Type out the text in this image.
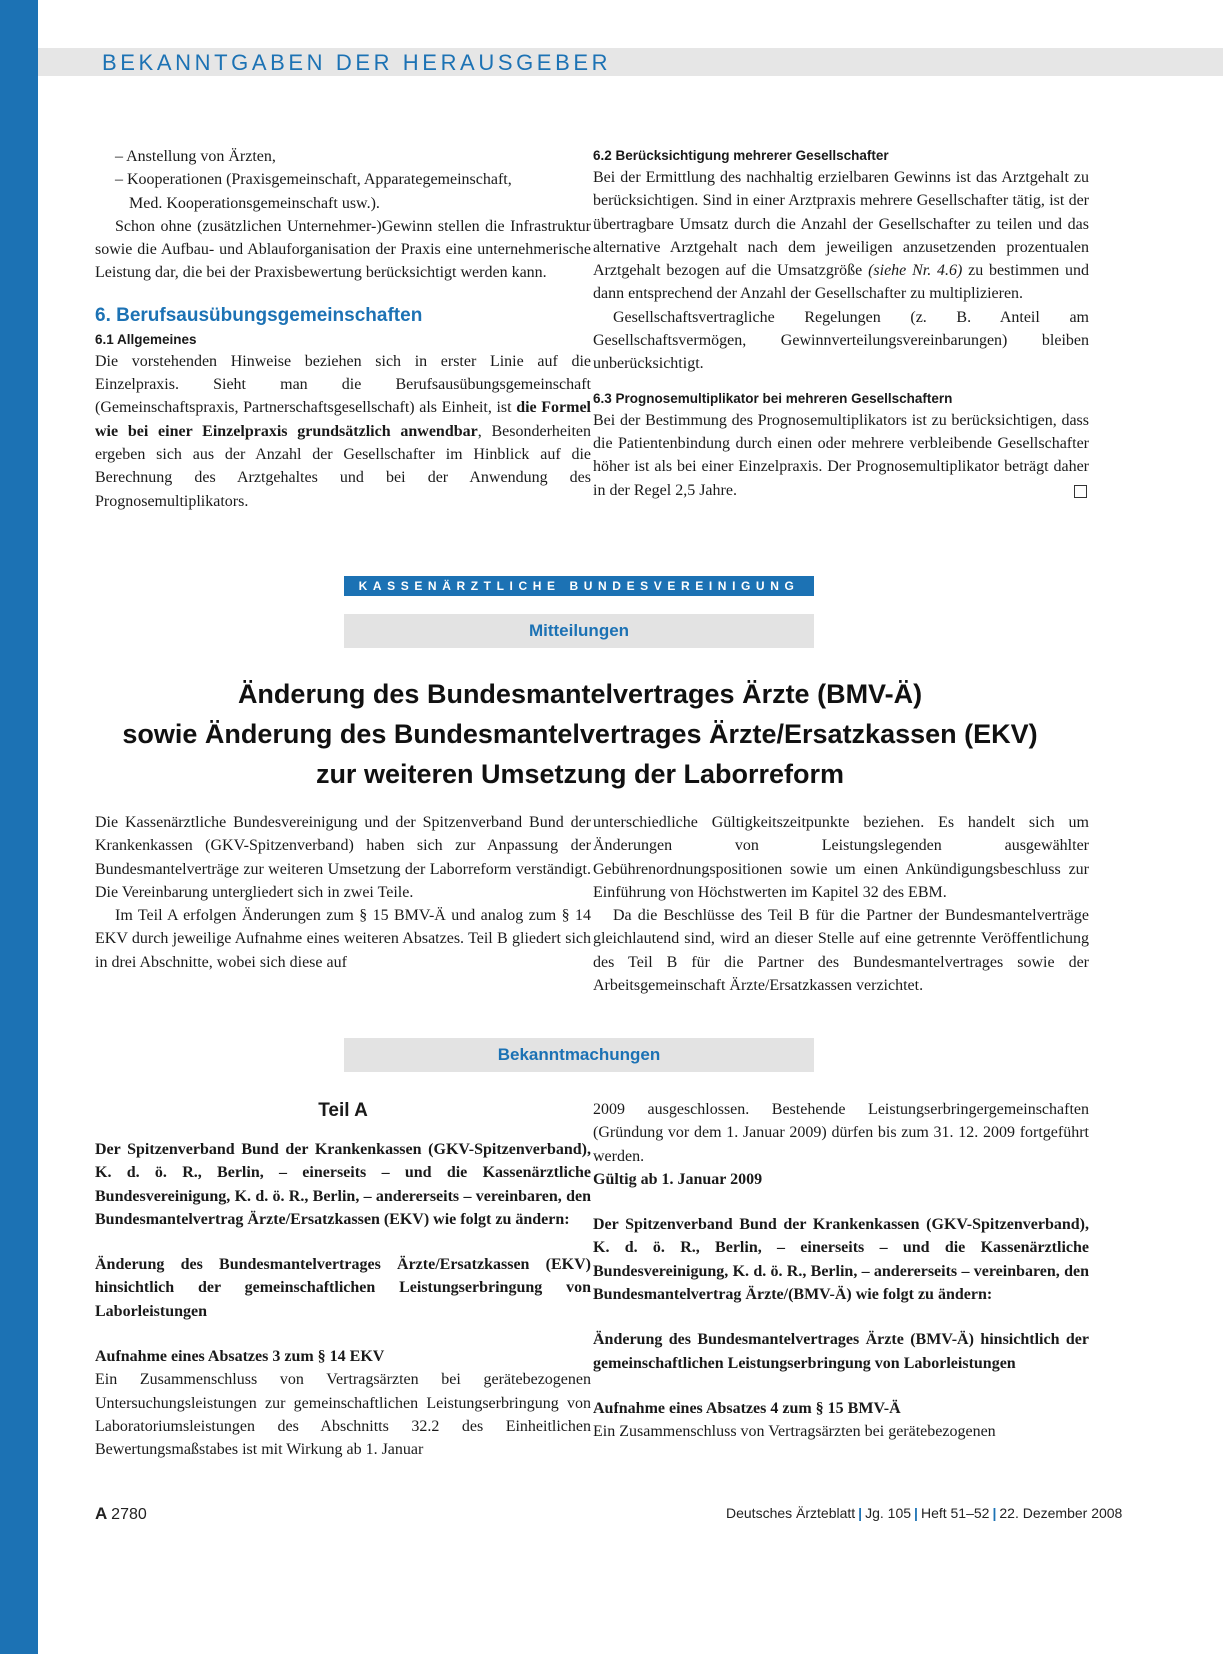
BEKANNTGABEN DER HERAUSGEBER

– Anstellung von Ärzten,

– Kooperationen (Praxisgemeinschaft, Apparategemeinschaft,

Med. Kooperationsgemeinschaft usw.).

Schon ohne (zusätzlichen Unternehmer-)Gewinn stellen die Infrastruktur sowie die Aufbau- und Ablauforganisation der Praxis eine unternehmerische Leistung dar, die bei der Praxisbewertung berücksichtigt werden kann.

6. Berufsausübungsgemeinschaften

6.1 Allgemeines

Die vorstehenden Hinweise beziehen sich in erster Linie auf die Einzelpraxis. Sieht man die Berufsausübungsgemeinschaft (Gemeinschaftspraxis, Partnerschaftsgesellschaft) als Einheit, ist die Formel wie bei einer Einzelpraxis grundsätzlich anwendbar, Besonderheiten ergeben sich aus der Anzahl der Gesellschafter im Hinblick auf die Berechnung des Arztgehaltes und bei der Anwendung des Prognosemultiplikators.

6.2 Berücksichtigung mehrerer Gesellschafter

Bei der Ermittlung des nachhaltig erzielbaren Gewinns ist das Arztgehalt zu berücksichtigen. Sind in einer Arztpraxis mehrere Gesellschafter tätig, ist der übertragbare Umsatz durch die Anzahl der Gesellschafter zu teilen und das alternative Arztgehalt nach dem jeweiligen anzusetzenden prozentualen Arztgehalt bezogen auf die Umsatzgröße (siehe Nr. 4.6) zu bestimmen und dann entsprechend der Anzahl der Gesellschafter zu multiplizieren.

Gesellschaftsvertragliche Regelungen (z. B. Anteil am Gesellschaftsvermögen, Gewinnverteilungsvereinbarungen) bleiben unberücksichtigt.

6.3 Prognosemultiplikator bei mehreren Gesellschaftern

Bei der Bestimmung des Prognosemultiplikators ist zu berücksichtigen, dass die Patientenbindung durch einen oder mehrere verbleibende Gesellschafter höher ist als bei einer Einzelpraxis. Der Prognosemultiplikator beträgt daher in der Regel 2,5 Jahre.

KASSENÄRZTLICHE BUNDESVEREINIGUNG
Mitteilungen
Änderung des Bundesmantelvertrages Ärzte (BMV-Ä)
sowie Änderung des Bundesmantelvertrages Ärzte/Ersatzkassen (EKV)
zur weiteren Umsetzung der Laborreform

Die Kassenärztliche Bundesvereinigung und der Spitzenverband Bund der Krankenkassen (GKV-Spitzenverband) haben sich zur Anpassung der Bundesmantelverträge zur weiteren Umsetzung der Laborreform verständigt. Die Vereinbarung untergliedert sich in zwei Teile.

Im Teil A erfolgen Änderungen zum § 15 BMV-Ä und analog zum § 14 EKV durch jeweilige Aufnahme eines weiteren Absatzes. Teil B gliedert sich in drei Abschnitte, wobei sich diese auf

unterschiedliche Gültigkeitszeitpunkte beziehen. Es handelt sich um Änderungen von Leistungslegenden ausgewählter Gebührenordnungspositionen sowie um einen Ankündigungsbeschluss zur Einführung von Höchstwerten im Kapitel 32 des EBM.

Da die Beschlüsse des Teil B für die Partner der Bundesmantelverträge gleichlautend sind, wird an dieser Stelle auf eine getrennte Veröffentlichung des Teil B für die Partner des Bundesmantelvertrages sowie der Arbeitsgemeinschaft Ärzte/Ersatzkassen verzichtet.

Bekanntmachungen

Teil A

Der Spitzenverband Bund der Krankenkassen (GKV-Spitzenverband), K. d. ö. R., Berlin, – einerseits – und die Kassenärztliche Bundesvereinigung, K. d. ö. R., Berlin, – andererseits – vereinbaren, den Bundesmantelvertrag Ärzte/Ersatzkassen (EKV) wie folgt zu ändern:

Änderung des Bundesmantelvertrages Ärzte/Ersatzkassen (EKV) hinsichtlich der gemeinschaftlichen Leistungserbringung von Laborleistungen

Aufnahme eines Absatzes 3 zum § 14 EKV

Ein Zusammenschluss von Vertragsärzten bei gerätebezogenen Untersuchungsleistungen zur gemeinschaftlichen Leistungserbringung von Laboratoriumsleistungen des Abschnitts 32.2 des Einheitlichen Bewertungsmaßstabes ist mit Wirkung ab 1. Januar

2009 ausgeschlossen. Bestehende Leistungserbringergemeinschaften (Gründung vor dem 1. Januar 2009) dürfen bis zum 31. 12. 2009 fortgeführt werden.

Gültig ab 1. Januar 2009

Der Spitzenverband Bund der Krankenkassen (GKV-Spitzenverband), K. d. ö. R., Berlin, – einerseits – und die Kassenärztliche Bundesvereinigung, K. d. ö. R., Berlin, – andererseits – vereinbaren, den Bundesmantelvertrag Ärzte/(BMV-Ä) wie folgt zu ändern:

Änderung des Bundesmantelvertrages Ärzte (BMV-Ä) hinsichtlich der gemeinschaftlichen Leistungserbringung von Laborleistungen

Aufnahme eines Absatzes 4 zum § 15 BMV-Ä

Ein Zusammenschluss von Vertragsärzten bei gerätebezogenen

A 2780	Deutsches Ärzteblatt | Jg. 105 | Heft 51–52 | 22. Dezember 2008
